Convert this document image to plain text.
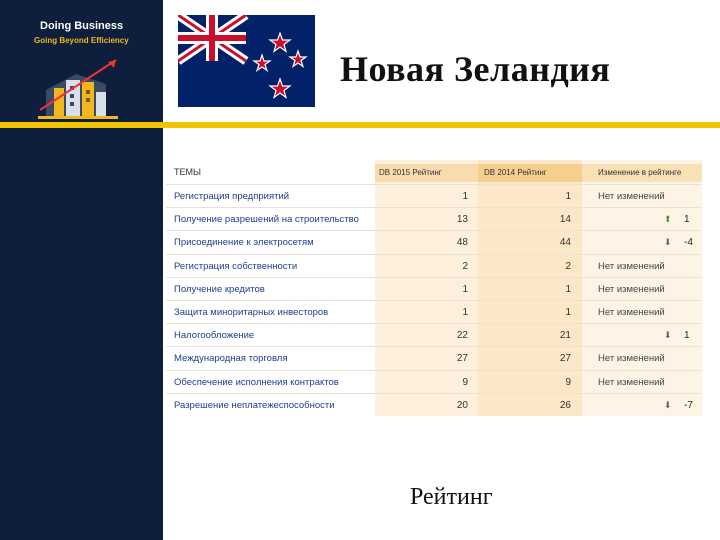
Doing Business
Going Beyond Efficiency
Новая Зеландия
ТЕМЫ	DB 2015 Рейтинг	DB 2014 Рейтинг	Изменение в рейтинге
Регистрация предприятий	1	1	Нет изменений
Получение разрешений на строительство	13	14	⬆ 1
Присоединение к электросетям	48	44	⬇ -4
Регистрация собственности	2	2	Нет изменений
Получение кредитов	1	1	Нет изменений
Защита миноритарных инвесторов	1	1	Нет изменений
Налогообложение	22	21	⬇ 1
Международная торговля	27	27	Нет изменений
Обеспечение исполнения контрактов	9	9	Нет изменений
Разрешение неплатежеспособности	20	26	⬇ -7
Рейтинг
